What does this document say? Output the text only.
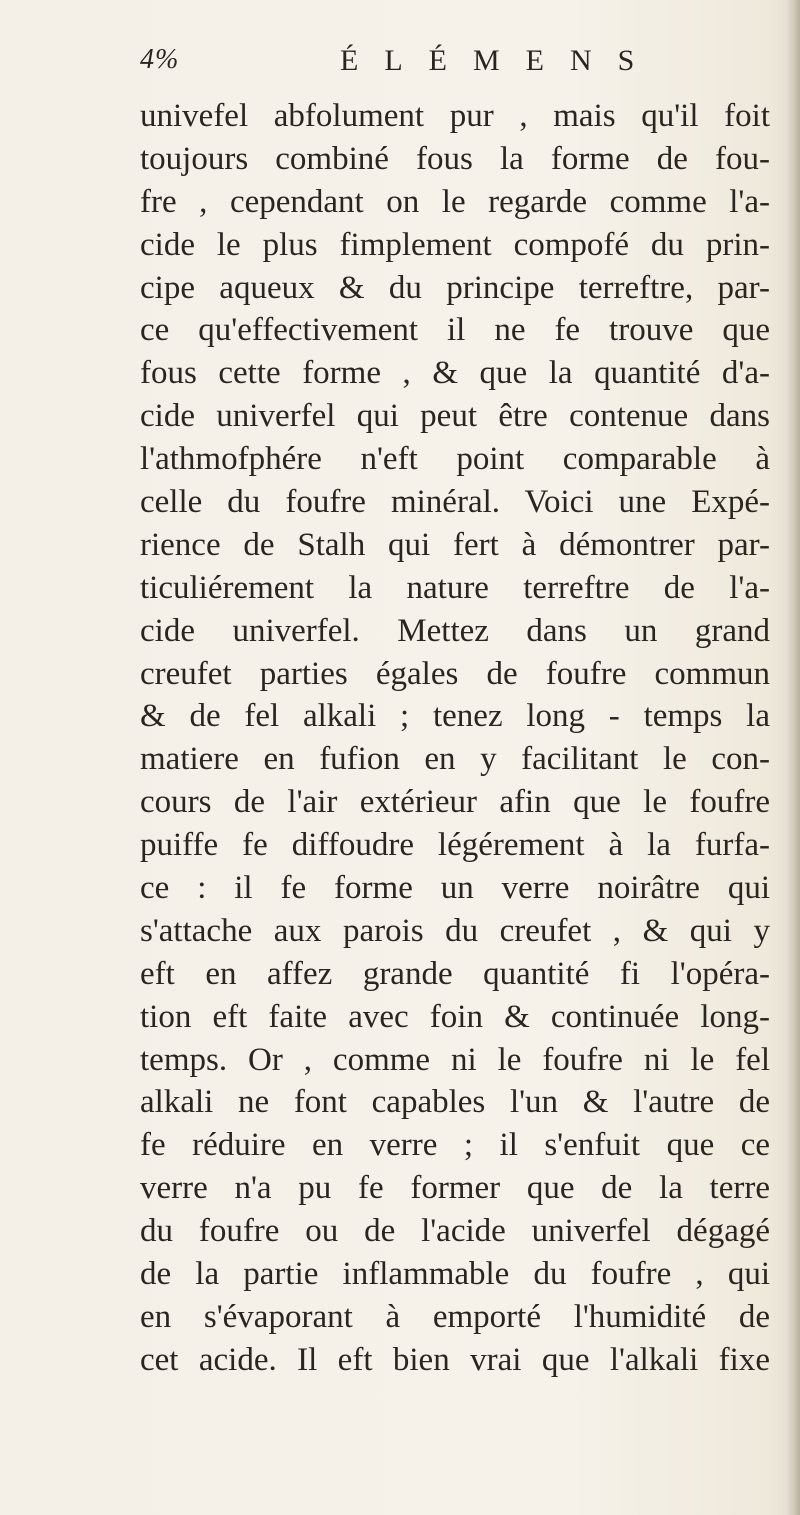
4%	ÉLÉMENS
univefel abfolument pur , mais qu'il foit
toujours combiné fous la forme de fou-
fre , cependant on le regarde comme l'a-
cide le plus fimplement compofé du prin-
cipe aqueux & du principe terreftre, par-
ce qu'effectivement il ne fe trouve que
fous cette forme , & que la quantité d'a-
cide univerfel qui peut être contenue dans
l'athmofphére n'eft point comparable à
celle du foufre minéral. Voici une Expé-
rience de Stalh qui fert à démontrer par-
ticuliérement la nature terreftre de l'a-
cide univerfel. Mettez dans un grand
creufet parties égales de foufre commun
& de fel alkali ; tenez long - temps la
matiere en fufion en y facilitant le con-
cours de l'air extérieur afin que le foufre
puiffe fe diffoudre légérement à la furfa-
ce : il fe forme un verre noirâtre qui
s'attache aux parois du creufet , & qui y
eft en affez grande quantité fi l'opéra-
tion eft faite avec foin & continuée long-
temps. Or , comme ni le foufre ni le fel
alkali ne font capables l'un & l'autre de
fe réduire en verre ; il s'enfuit que ce
verre n'a pu fe former que de la terre
du foufre ou de l'acide univerfel dégagé
de la partie inflammable du foufre , qui
en s'évaporant à emporté l'humidité de
cet acide. Il eft bien vrai que l'alkali fixe
